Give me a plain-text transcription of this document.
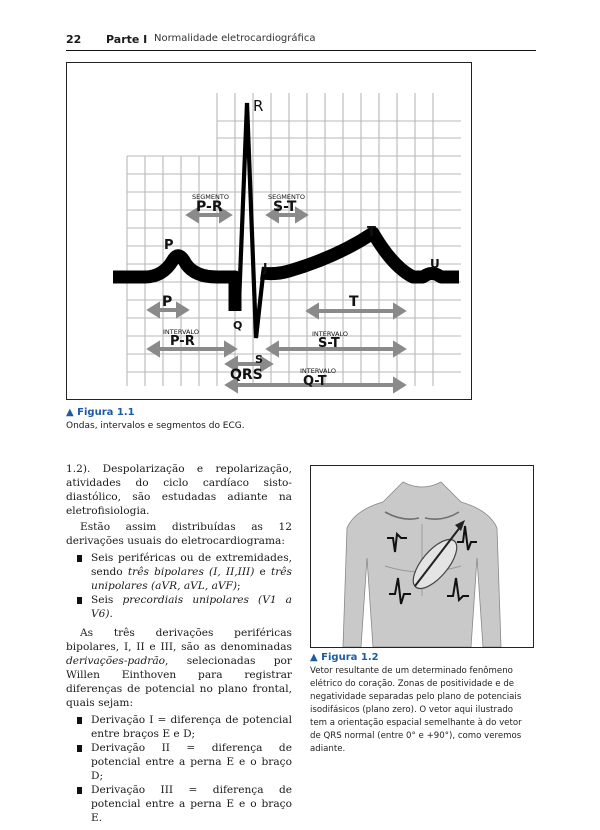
22 Parte I Normalidade eletrocardiográfica
R
P
T
U
J
Q
S
SEGMENTO
P-R
SEGMENTO
S-T
P	T
INTERVALO
P-R	INTERVALO
S-T
QRS	INTERVALO
Q-T
▲ Figura 1.1
Ondas, intervalos e segmentos do ECG.

1.2). Despolarização e repolarização, atividades do ciclo cardíaco sisto-diastólico, são estudadas adiante na eletrofisiologia.

Estão assim distribuídas as 12 derivações usuais do eletrocardiograma:

Seis periféricas ou de extremidades, sendo três bipolares (I, II,III) e três unipolares (aVR, aVL, aVF);
Seis precordiais unipolares (V1 a V6).

As três derivações periféricas bipolares, I, II e III, são as denominadas derivações-padrão, selecionadas por Willen Einthoven para registrar diferenças de potencial no plano frontal, quais sejam:

Derivação I = diferença de potencial entre braços E e D;
Derivação II = diferença de potencial entre a perna E e o braço D;
Derivação III = diferença de potencial entre a perna E e o braço E.
▲ Figura 1.2
Vetor resultante de um determinado fenômeno elétrico do coração. Zonas de positividade e de negatividade separadas pelo plano de potenciais isodifásicos (plano zero). O vetor aqui ilustrado tem a orientação espacial semelhante à do vetor de QRS normal (entre 0° e +90°), como veremos adiante.
